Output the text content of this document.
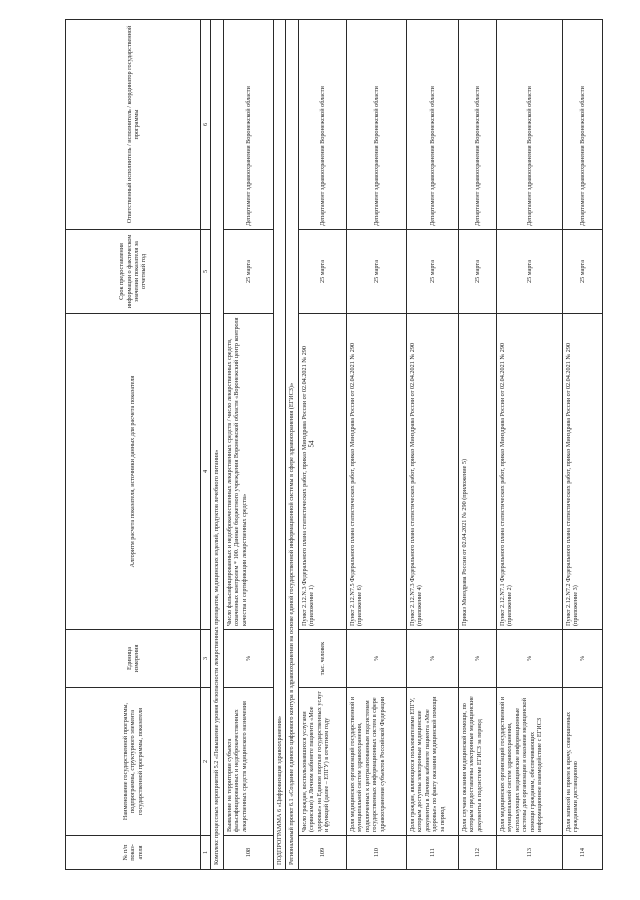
54
№ п/п показ-ателя	Наименование государственной программы, подпрограммы, структурного элемента государственной программы, показателя	Единица измерения	Алгоритм расчета показателя, источники данных для расчета показателя	Срок предоставления информации о фактическом значении показателя за отчетный год	Ответственный исполнитель / исполнитель / координатор государственной программы
1	2	3	4	5	6
Комплекс процессных мероприятий 5.2 «Повышение уровня безопасности лекарственных препаратов, медицинских изделий, продуктов лечебного питания»					
108	Выявление на территории субъекта фальсифицированных и недоброкачественных лекарственных средств медицинского назначения	%	Число фальсифицированных и недоброкачественных лекарственных средств / число лекарственных средств, охваченных контролем * 100. Данные бюджетного учреждения Воронежской области «Воронежский центр контроля качества и сертификации лекарственных средств»	25 марта	Департамент здравоохранения Воронежской области
ПОДПРОГРАММА 6 «Цифровизация здравоохранения»					
Региональный проект 6.1 «Создание единого цифрового контура в здравоохранении на основе единой государственной информационной системы в сфере здравоохранения (ЕГИСЗ)»					
109	Число граждан, воспользовавшихся услугами (сервисами) в Личном кабинете пациента «Мое здоровье» на Едином портале государственных услуг и функций (далее – ЕПГУ) в отчетном году	тыс. человек	Пункт 2.12.N.3 Федерального плана статистических работ, приказ Минздрава России от 02.04.2021 № 290 (приложение 1)	25 марта	Департамент здравоохранения Воронежской области
110	Доля медицинских организаций государственной и муниципальной систем здравоохранения, подключенных к централизованным подсистемам государственных информационных систем в сфере здравоохранения субъектов Российской Федерации	%	Пункт 2.12.N7.5 Федерального плана статистических работ, приказ Минздрава России от 02.04.2021 № 290 (приложение 6)	25 марта	Департамент здравоохранения Воронежской области
111	Доля граждан, являющихся пользователями ЕПГУ, которым доступны электронные медицинские документы в Личном кабинете пациента «Мое здоровье» по факту оказания медицинской помощи за период	%	Пункт 2.12.N7.3 Федерального плана статистических работ, приказ Минздрава России от 02.04.2021 № 290 (приложение 4)	25 марта	Департамент здравоохранения Воронежской области
112	Доля случаев оказания медицинской помощи, по которым предоставлены электронные медицинские документы в подсистеме ЕГИСЗ за период	%	Приказ Минздрава России от 02.04.2021 № 290 (приложение 5)	25 марта	Департамент здравоохранения Воронежской области
113	Доля медицинских организаций государственной и муниципальной систем здравоохранения, использующих медицинские информационные системы для организации и оказания медицинской помощи гражданам, обеспечивающих информационное взаимодействие с ЕГИСЗ	%	Пункт 2.12.N7.1 Федерального плана статистических работ, приказ Минздрава России от 02.04.2021 № 290 (приложение 2)	25 марта	Департамент здравоохранения Воронежской области
114	Доля записей на прием к врачу, совершенных гражданами дистанционно	%	Пункт 2.12.N7.2 Федерального плана статистических работ, приказ Минздрава России от 02.04.2021 № 290 (приложение 3)	25 марта	Департамент здравоохранения Воронежской области
